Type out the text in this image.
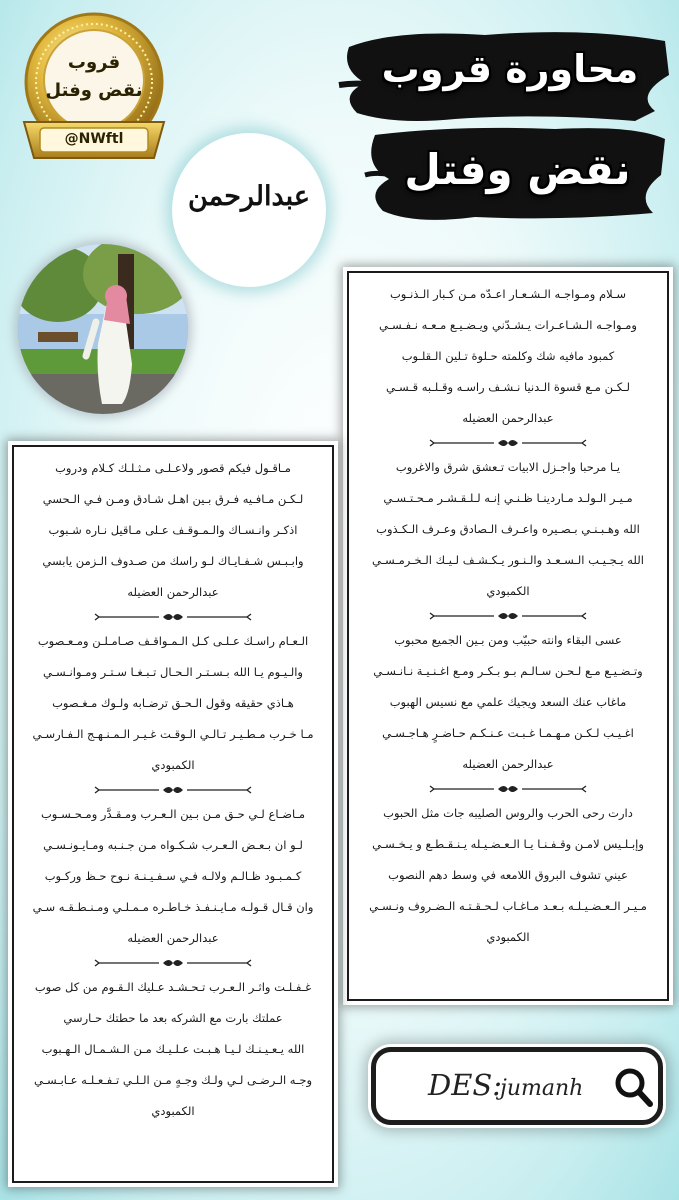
قروب
نقض وفتل
@NWftl
محاورة قروب
نقض وفتل
عبدالرحمن

سـلام ومـواجـه الـشـعـار اعـدّه مـن كـبار الـذنـوب

ومـواجـه الـشـاعـرات يـشـدّني ويـضـيـع مـعـه نـفـسـي

كمبود مافيه شك وكلمته حـلوة تـلين الـقلـوب

لـكـن مـع قسوة الـدنيا نـشـف راسـه وقـلـبه قـسـي

عبدالرحمن العضيله

يـا مرحبا واجـزل الابيات تـعشق شرق والاغروب

مـيـر الـولـد مـاردينـا ظـنـي إنـه لـلـقـشـر مـحـتـسـي

الله وهـبـنـي بـصـيره واعـرف الـصادق وعـرف الـكـذوب

الله يـجـيـب الـسـعـد والـنـور يـكـشـف لـيـك الـخـرمـسـي

الكمبودي

عسى البقاء وانته حبيّب ومن بـين الجميع محبوب

وتـضـيـع مـع لـحـن سـالـم بـو بـكـر ومـع اغـنـيـة نـانـسـي

ماغاب عنك السعد ويجيك علمي مع نسيس الهبوب

اغـيـب لـكـن مـهـمـا غـبـت عـنـكـم حـاضـرٍ هـاجـسـي

عبدالرحمن العضيله

دارت رحى الحرب والروس الصليبه جات مثل الحبوب

وإبـلـيس لامـن وقـفـنـا يـا الـعـضـيـله يـنـقـطـع و يـخـسـي

عيني تشوف البروق اللامعه في وسط دهم النصوب

مـيـر الـعـضـيـلـه بـعـد مـاغـاب لـحـقـتـه الـضـروف ونـسـي

الكمبودي

مـاقـول فيكم قصور ولاعـلـى مـثـلـك كـلام ودروب

لـكـن مـافـيه فـرق بـين اهـل شـادق ومـن فـي الـحسي

اذكـر وانـسـاك والـمـوقـف عـلى مـاقيل نـاره شـبوب

وابـبـس شـفـايـاك لـو راسك من صـدوف الـزمن يابسي

عبدالرحمن العضيله

الـعـام راسـك عـلـى كـل الـمـواقـف صـامـلـن ومـعـصوب

والـيـوم يـا الله بـسـتـر الـحـال تـبـغـا سـتـر ومـوانـسـي

هـاذي حقيقه وقول الـحـق ترضـابه ولـوك مـغـصوب

مـا خـرب مـطـيـر تـالـي الـوقـت غـيـر الـمـنـهـج الـفـارسـي

الكمبودي

مـاضـاع لـي حـق مـن بـين الـعـرب ومـقـدَّر ومـحـسـوب

لـو ان بـعـض الـعـرب شـكـواه مـن جـنـبه ومـايـونـسـي

كـمـبـود ظـالـم ولالـه فـي سـفـيـنـة نـوح حـظ وركـوب

وان قـال قـولـه مـايـنـفـذ خـاطـره مـمـلـي ومـنـطـقـه سـي

عبدالرحمن العضيله

غـفـلـت واثـر الـعـرب تـحـشـد عـليك الـقـوم من كل صوب

عملتك بارت مع الشركه بعد ما حطتك حـارسي

الله يـعـيـنـك لـيـا هـبـت عـلـيـك مـن الـشـمـال الـهـبوب

وجـه الـرضـى لـي ولـك وجـهٍ مـن الـلـي تـفـعـلـه عـابـسـي

الكمبودي

DES:
jumanh
